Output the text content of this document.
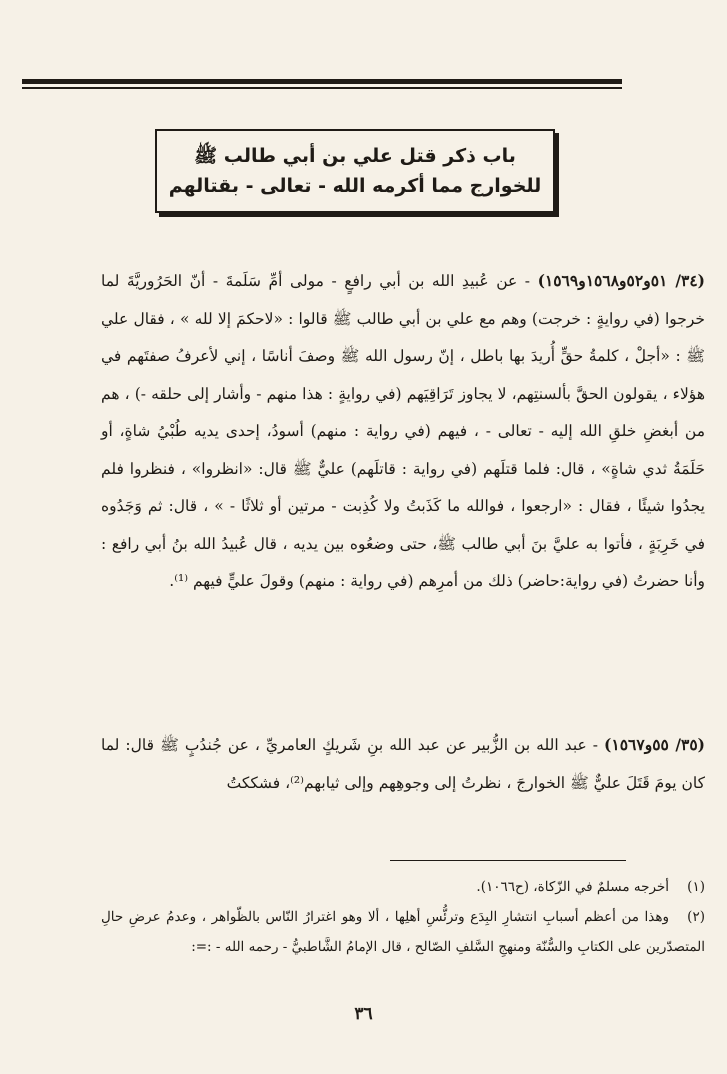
باب ذكر قتل علي بن أبي طالب ﷺ
للخوارج مما أكرمه الله - تعالى - بقتالهم

(٣٤/ ٥١و٥٢و١٥٦٨و١٥٦٩) - عن عُبيدِ الله بن أبي رافعٍ - مولى أمِّ سَلَمةَ - أنّ الحَرُوريَّةَ لما خرجوا (في روايةٍ : خرجت) وهم مع علي بن أبي طالب ﷺ قالوا : «لاحكمَ إلا لله » ، فقال علي ﷺ : «أجلْ ، كلمةُ حقٍّ أُريدَ بها باطل ، إنّ رسول الله ﷺ وصفَ أناسًا ، إني لأعرفُ صفتَهم في هؤلاء ، يقولون الحقَّ بألسنتِهم، لا يجاوز تَرَاقِيَهم (في روايةٍ : هذا منهم - وأشار إلى حلقه -) ، هم من أبغضِ خلقِ الله إليه - تعالى - ، فيهم (في رواية : منهم) أسودُ، إحدى يديه طُبْيُ شاةٍ، أو حَلَمَةُ ثدي شاةٍ» ، قال: فلما قتلَهم (في رواية : قاتلَهم) عليٌّ ﷺ قال: «انظروا» ، فنظروا فلم يجدُوا شيئًا ، فقال : «ارجعوا ، فوالله ما كَذَبتُ ولا كُذِبت - مرتين أو ثلاثًا - » ، قال: ثم وَجَدُوه في خَرِبَةٍ ، فأتوا به عليَّ بنَ أبي طالب ﷺ، حتى وضعُوه بين يديه ، قال عُبيدُ الله بنُ أبي رافع : وأنا حضرتُ (في رواية:حاضر) ذلك من أمرِهم (في رواية : منهم) وقولَ عليٍّ فيهم ⁽¹⁾.

(٣٥/ ٥٥و١٥٦٧) - عبد الله بن الزُّبير عن عبد الله بنِ شَريكٍ العامريِّ ، عن جُندُبٍ ﷺ قال: لما كان يومَ قَتَلَ عليٌّ ﷺ الخوارجَ ، نظرتُ إلى وجوهِهم وإلى ثيابهم⁽²⁾، فشككتُ

(١)أخرجه مسلمٌ في الزّكاة، (ح١٠٦٦).

(٢)وهذا من أعظم أسبابِ انتشارِ البِدَع وترئُّسِ أهلِها ، ألا وهو اغترارُ النّاس بالظّواهر ، وعدمُ عرضِ حالِ المتصدّرين على الكتابِ والسُّنّة ومنهجِ السَّلفِ الصّالح ، قال الإمامُ الشَّاطبيُّ - رحمه الله - :=:

٣٦
